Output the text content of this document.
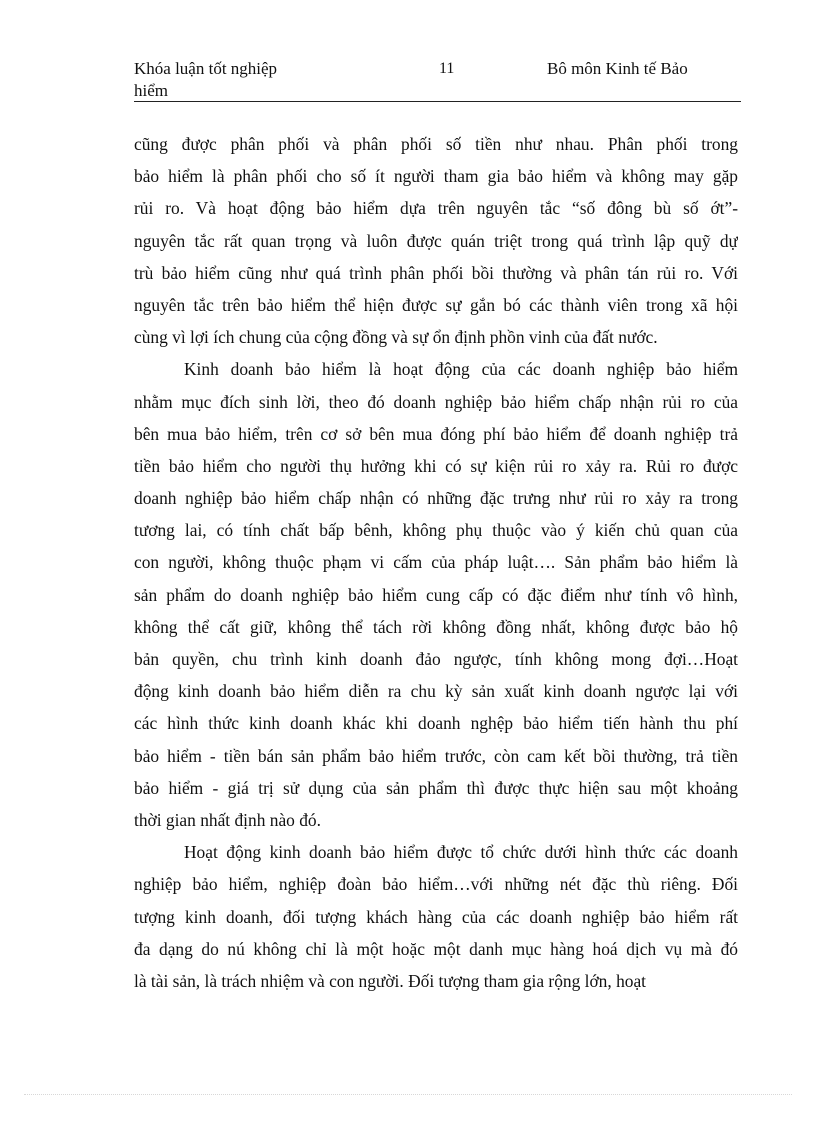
Khóa luận tốt nghiệp
hiểm
11	Bô môn Kinh tế Bảo
cũng được phân phối và phân phối số tiền như nhau. Phân phối trong
bảo hiểm là phân phối cho số ít người tham gia bảo hiểm và không may gặp
rủi ro. Và hoạt động bảo hiểm dựa trên nguyên tắc “số đông bù số ớt”-
nguyên tắc rất quan trọng và luôn được quán triệt trong quá trình lập quỹ dự
trù bảo hiểm cũng như quá trình phân phối bồi thường và phân tán rủi ro. Với
nguyên tắc trên bảo hiểm thể hiện được sự gắn bó các thành viên trong xã hội
cùng vì lợi ích chung của cộng đồng và sự ổn định phồn vinh của đất nước.
Kinh doanh bảo hiểm là hoạt động của các doanh nghiệp bảo hiểm
nhằm mục đích sinh lời, theo đó doanh nghiệp bảo hiểm chấp nhận rủi ro của
bên mua bảo hiểm, trên cơ sở bên mua đóng phí bảo hiểm để doanh nghiệp trả
tiền bảo hiểm cho người thụ hưởng khi có sự kiện rủi ro xảy ra. Rủi ro được
doanh nghiệp bảo hiểm chấp nhận có những đặc trưng như rủi ro xảy ra trong
tương lai, có tính chất bấp bênh, không phụ thuộc vào ý kiến chủ quan của
con người, không thuộc phạm vi cấm của pháp luật…. Sản phẩm bảo hiểm là
sản phẩm do doanh nghiệp bảo hiểm cung cấp có đặc điểm như tính vô hình,
không thể cất giữ, không thể tách rời không đồng nhất, không được bảo hộ
bản quyền, chu trình kinh doanh đảo ngược, tính không mong đợi…Hoạt
động kinh doanh bảo hiểm diễn ra chu kỳ sản xuất kinh doanh ngược lại với
các hình thức kinh doanh khác khi doanh nghệp bảo hiểm tiến hành thu phí
bảo hiểm - tiền bán sản phẩm bảo hiểm trước, còn cam kết bồi thường, trả tiền
bảo hiểm - giá trị sử dụng của sản phẩm thì được thực hiện sau một khoảng
thời gian nhất định nào đó.
Hoạt động kinh doanh bảo hiểm được tổ chức dưới hình thức các doanh
nghiệp bảo hiểm, nghiệp đoàn bảo hiểm…với những nét đặc thù riêng. Đối
tượng kinh doanh, đối tượng khách hàng của các doanh nghiệp bảo hiểm rất
đa dạng do nú không chỉ là một hoặc một danh mục hàng hoá dịch vụ mà đó
là tài sản, là trách nhiệm và con người. Đối tượng tham gia rộng lớn, hoạt
